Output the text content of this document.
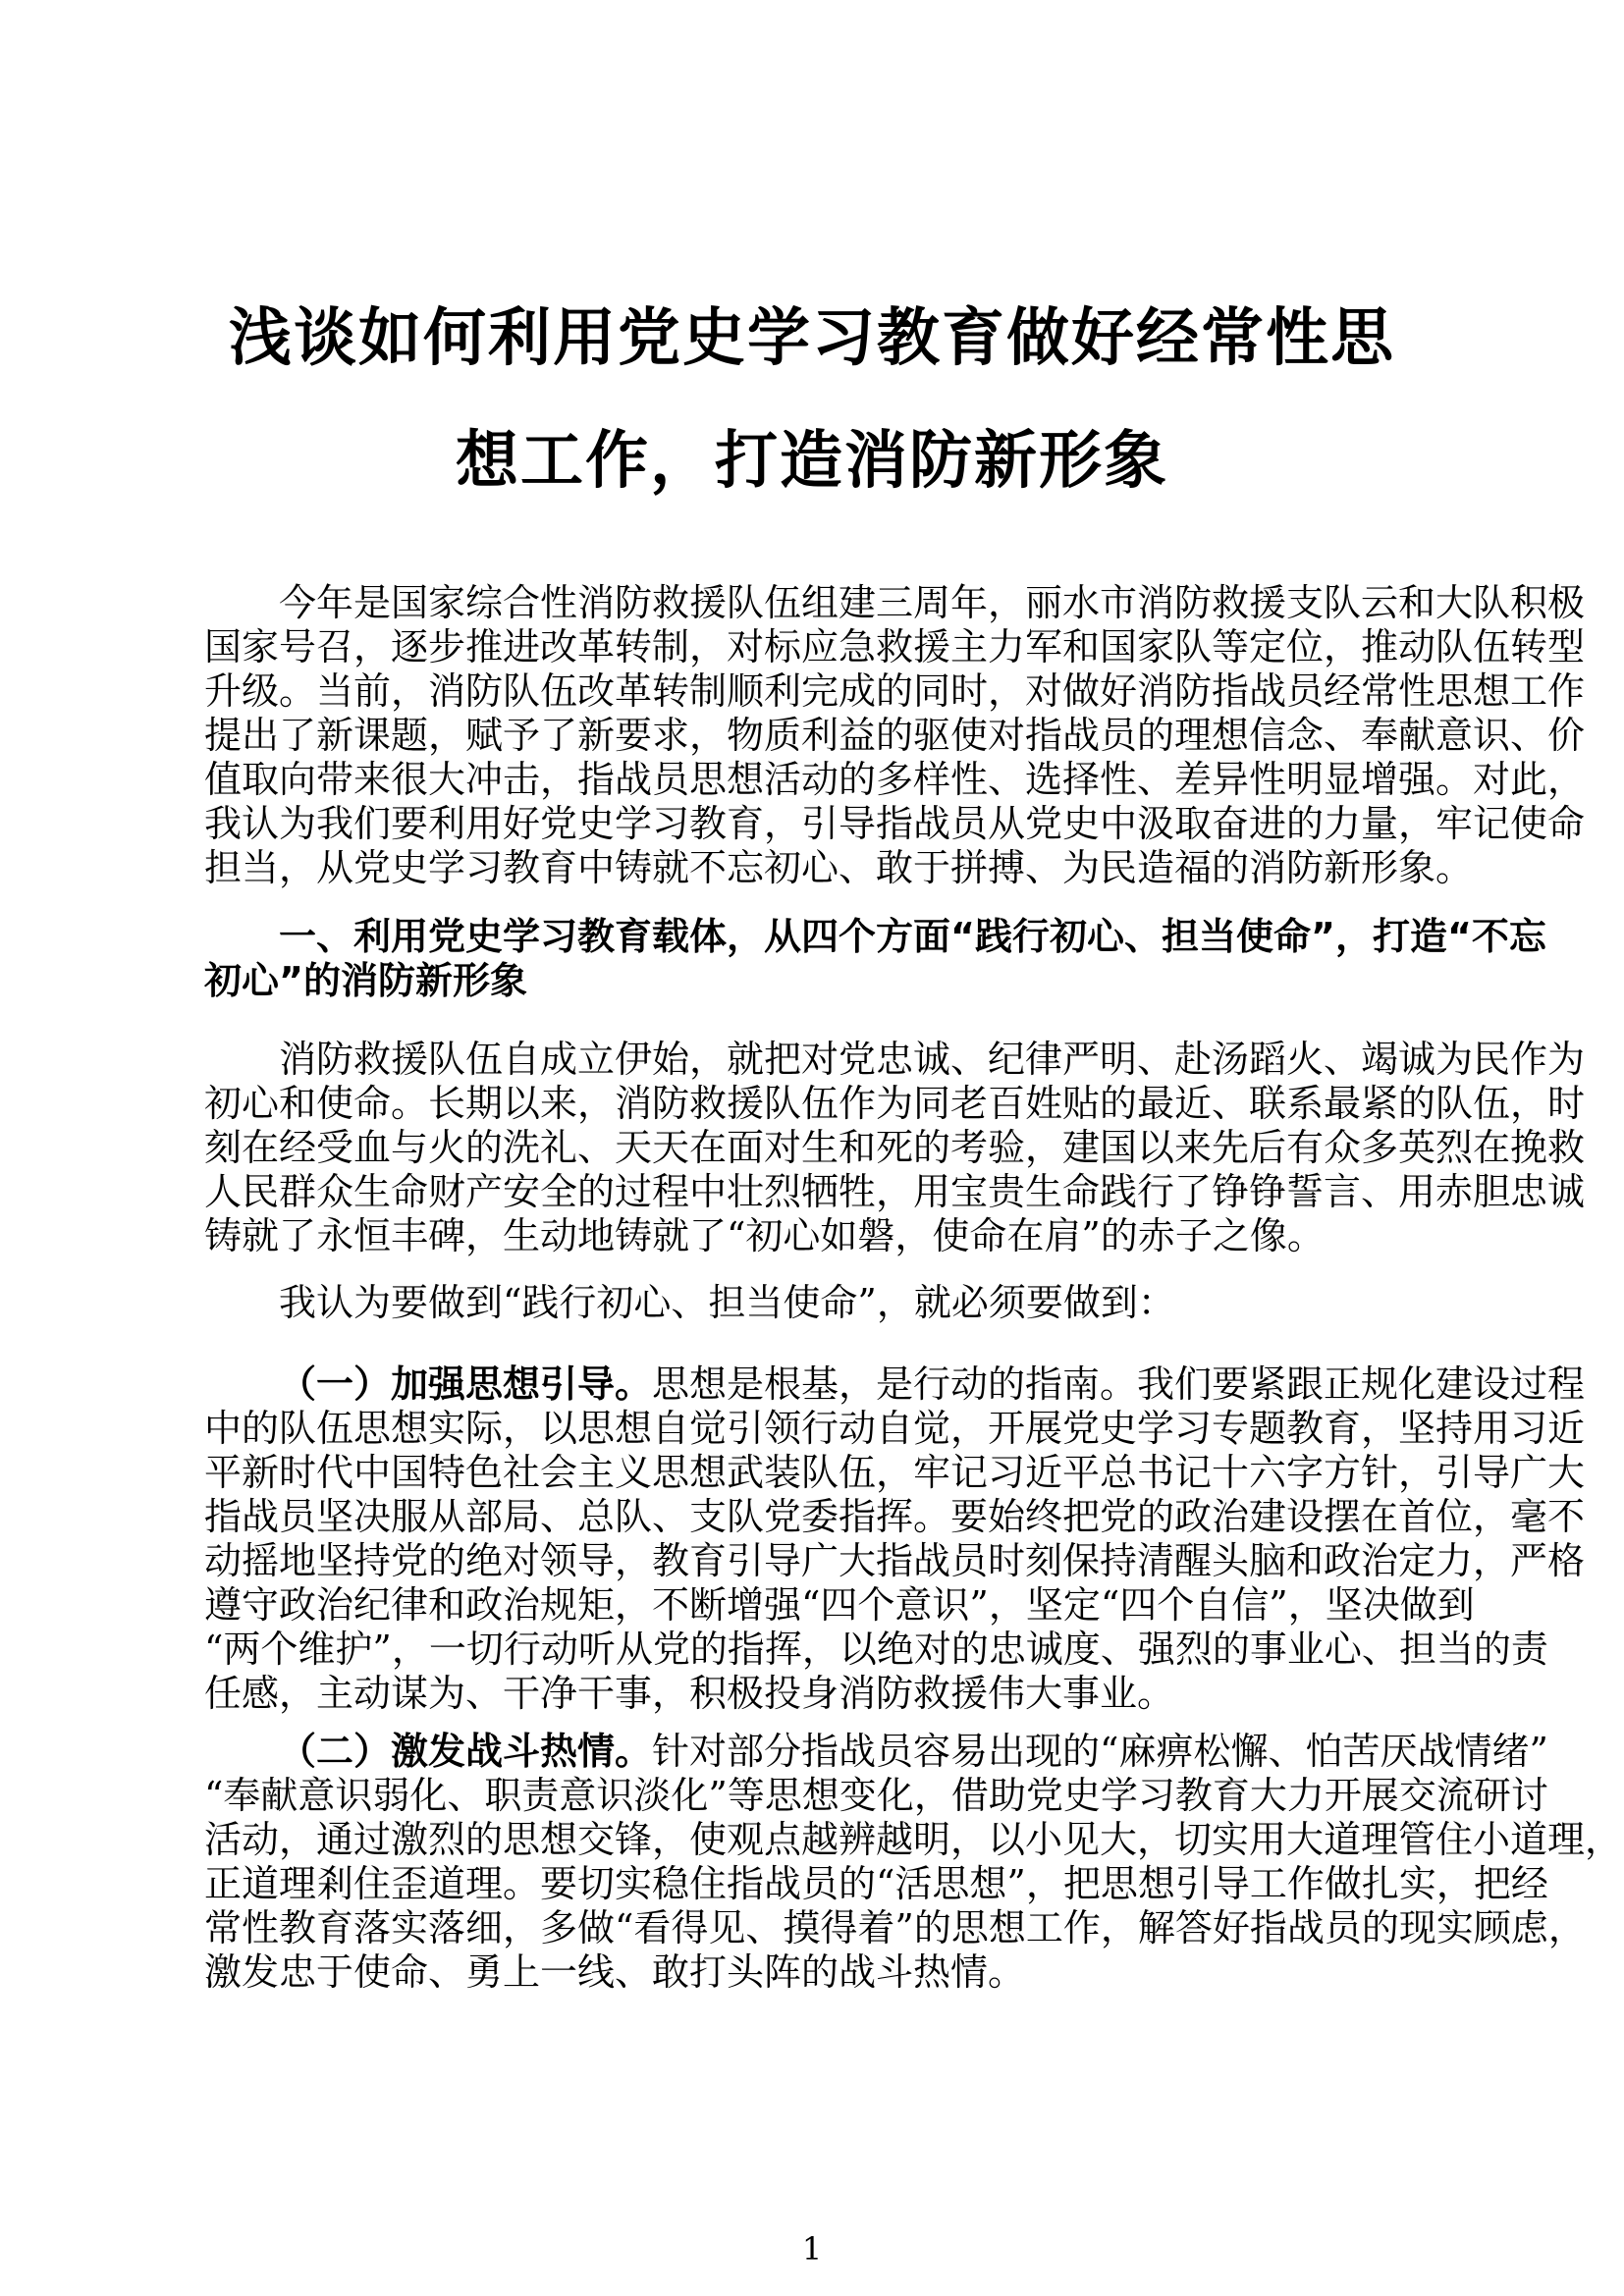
浅谈如何利用党史学习教育做好经常性思
想工作，打造消防新形象
今年是国家综合性消防救援队伍组建三周年，丽水市消防救援支队云和大队积极
国家号召，逐步推进改革转制，对标应急救援主力军和国家队等定位，推动队伍转型
升级。当前，消防队伍改革转制顺利完成的同时，对做好消防指战员经常性思想工作
提出了新课题，赋予了新要求，物质利益的驱使对指战员的理想信念、奉献意识、价
值取向带来很大冲击，指战员思想活动的多样性、选择性、差异性明显增强。对此，
我认为我们要利用好党史学习教育，引导指战员从党史中汲取奋进的力量，牢记使命
担当，从党史学习教育中铸就不忘初心、敢于拼搏、为民造福的消防新形象。
一、利用党史学习教育载体，从四个方面“践行初心、担当使命”，打造“不忘
初心”的消防新形象
消防救援队伍自成立伊始，就把对党忠诚、纪律严明、赴汤蹈火、竭诚为民作为
初心和使命。长期以来，消防救援队伍作为同老百姓贴的最近、联系最紧的队伍，时
刻在经受血与火的洗礼、天天在面对生和死的考验，建国以来先后有众多英烈在挽救
人民群众生命财产安全的过程中壮烈牺牲，用宝贵生命践行了铮铮誓言、用赤胆忠诚
铸就了永恒丰碑，生动地铸就了“初心如磐，使命在肩”的赤子之像。
我认为要做到“践行初心、担当使命”，就必须要做到：
（一）加强思想引导。思想是根基，是行动的指南。我们要紧跟正规化建设过程
中的队伍思想实际，以思想自觉引领行动自觉，开展党史学习专题教育，坚持用习近
平新时代中国特色社会主义思想武装队伍，牢记习近平总书记十六字方针，引导广大
指战员坚决服从部局、总队、支队党委指挥。要始终把党的政治建设摆在首位，毫不
动摇地坚持党的绝对领导，教育引导广大指战员时刻保持清醒头脑和政治定力，严格
遵守政治纪律和政治规矩，不断增强“四个意识”，坚定“四个自信”，坚决做到
“两个维护”，一切行动听从党的指挥，以绝对的忠诚度、强烈的事业心、担当的责
任感，主动谋为、干净干事，积极投身消防救援伟大事业。
（二）激发战斗热情。针对部分指战员容易出现的“麻痹松懈、怕苦厌战情绪”
“奉献意识弱化、职责意识淡化”等思想变化，借助党史学习教育大力开展交流研讨
活动，通过激烈的思想交锋，使观点越辨越明，以小见大，切实用大道理管住小道理，
正道理剎住歪道理。要切实稳住指战员的“活思想”，把思想引导工作做扎实，把经
常性教育落实落细，多做“看得见、摸得着”的思想工作，解答好指战员的现实顾虑，
激发忠于使命、勇上一线、敢打头阵的战斗热情。
1
